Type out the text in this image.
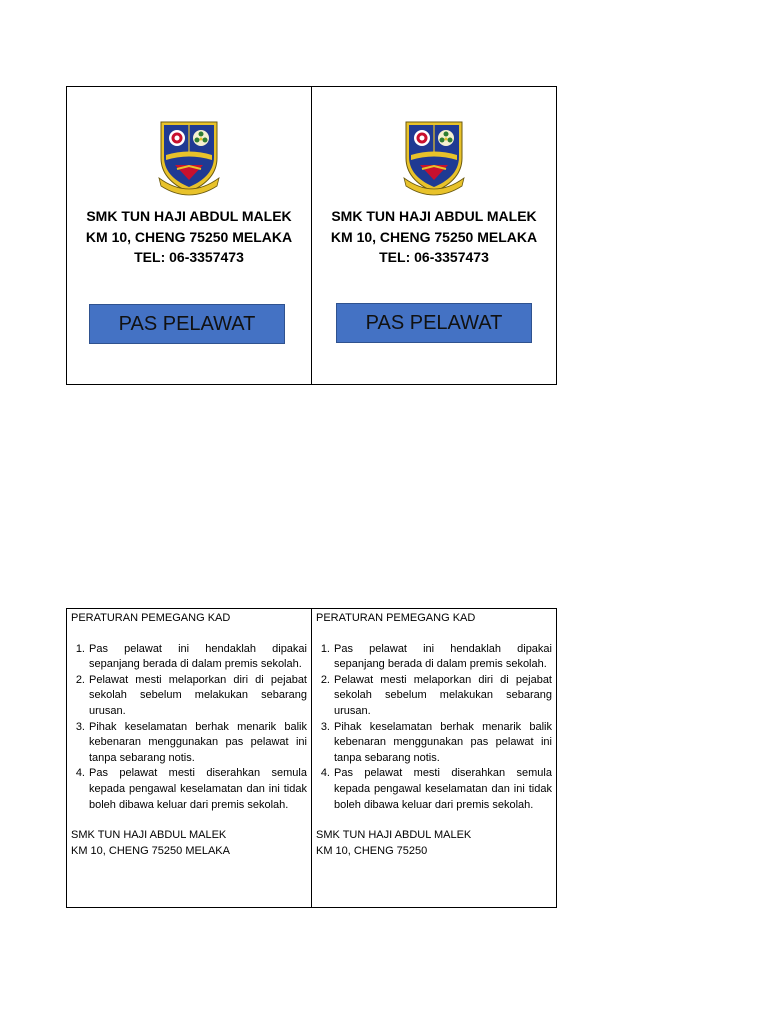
SMK TUN HAJI ABDUL MALEK
KM 10, CHENG 75250 MELAKA
TEL: 06-3357473
PAS PELAWAT
SMK TUN HAJI ABDUL MALEK
KM 10, CHENG 75250 MELAKA
TEL: 06-3357473
PAS PELAWAT
PERATURAN PEMEGANG KAD
1. Pas pelawat ini hendaklah dipakai sepanjang berada di dalam premis sekolah.
2. Pelawat mesti melaporkan diri di pejabat sekolah sebelum melakukan sebarang urusan.
3. Pihak keselamatan berhak menarik balik kebenaran menggunakan pas pelawat ini tanpa sebarang notis.
4. Pas pelawat mesti diserahkan semula kepada pengawal keselamatan dan ini tidak boleh dibawa keluar dari premis sekolah.
SMK TUN HAJI ABDUL MALEK
KM 10, CHENG 75250 MELAKA
PERATURAN PEMEGANG KAD
1. Pas pelawat ini hendaklah dipakai sepanjang berada di dalam premis sekolah.
2. Pelawat mesti melaporkan diri di pejabat sekolah sebelum melakukan sebarang urusan.
3. Pihak keselamatan berhak menarik balik kebenaran menggunakan pas pelawat ini tanpa sebarang notis.
4. Pas pelawat mesti diserahkan semula kepada pengawal keselamatan dan ini tidak boleh dibawa keluar dari premis sekolah.
SMK TUN HAJI ABDUL MALEK
KM 10, CHENG 75250
